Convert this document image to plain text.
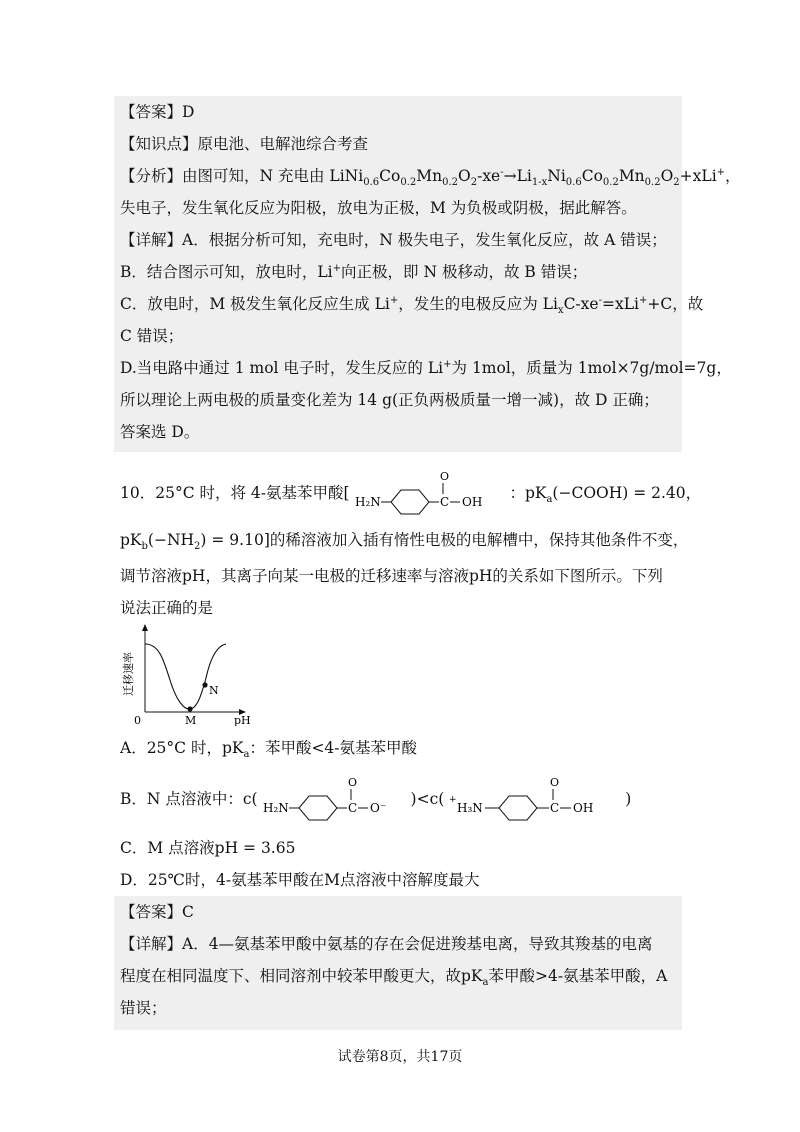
【答案】D
【知识点】原电池、电解池综合考查
【分析】由图可知，N 充电由 $LiNi_{0.6}Co_{0.2}Mn_{0.2}O_2-xe^-\to Li_{1-x}Ni_{0.6}Co_{0.2}Mn_{0.2}O_2+xLi^+$，
失电子，发生氧化反应为阳极，放电为正极，M 为负极或阴极，据此解答。
【详解】A．根据分析可知，充电时，N 极失电子，发生氧化反应，故 A 错误；
B．结合图示可知，放电时，Li+向正极，即 N 极移动，故 B 错误；
C．放电时，M 极发生氧化反应生成 Li+，发生的电极反应为 $Li_xC-xe^-=xLi^++C$，故
C 错误；
D.当电路中通过 1 mol 电子时，发生反应的 Li+为 1mol，质量为 1mol×7g/mol=7g，
所以理论上两电极的质量变化差为 14 g(正负两极质量一增一减)，故 D 正确；
答案选 D。
10．25°C 时，将 4-氨基苯甲酸[ H₂N	C
O
OH ：$pK_a(-COOH) = 2.40$，
$pK_b(-NH_2) = 9.10$]的稀溶液加入插有惰性电极的电解槽中，保持其他条件不变，
调节溶液pH，其离子向某一电极的迁移速率与溶液pH的关系如下图所示。下列
说法正确的是
迁移速率
0	M
N
pH
A．25°C 时，$pK_a$：苯甲酸<4-氨基苯甲酸
B．N 点溶液中：c( H₂N	C
O
O⁻ )<c( +
H₃N	C
O
OH )
C．M 点溶液pH = 3.65
D．25℃时，4-氨基苯甲酸在M点溶液中溶解度最大
【答案】C
【详解】A．4—氨基苯甲酸中氨基的存在会促进羧基电离，导致其羧基的电离
程度在相同温度下、相同溶剂中较苯甲酸更大，故$pK_a$苯甲酸>4-氨基苯甲酸，A
错误；
试卷第8页，共17页
